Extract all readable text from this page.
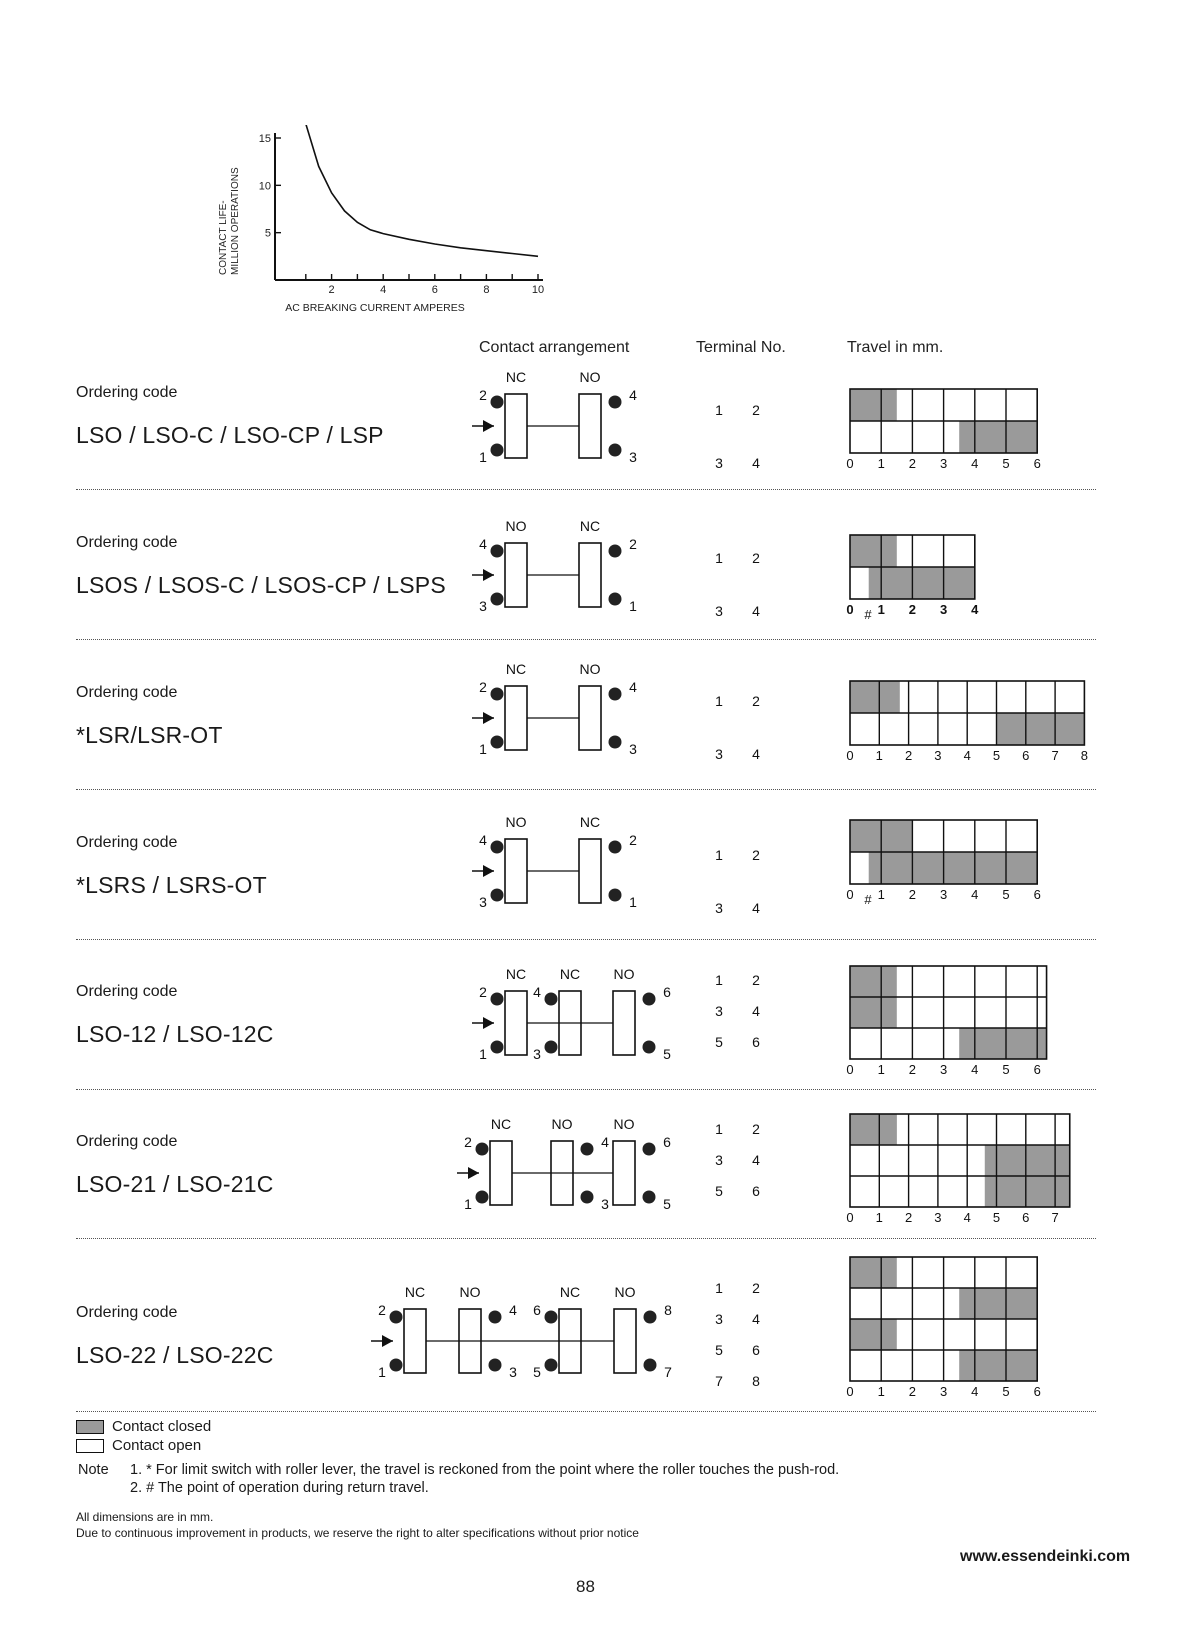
2	4	6	8	10
5
10
15
CONTACT LIFE- MILLION OPERATIONS
AC BREAKING CURRENT AMPERES
Contact arrangement	Terminal No.	Travel in mm.
Ordering code
LSO / LSO-C / LSO-CP / LSP
Ordering code
LSOS / LSOS-C / LSOS-CP / LSPS
Ordering code
*LSR/LSR-OT
Ordering code
*LSRS / LSRS-OT
Ordering code
LSO-12 / LSO-12C
Ordering code
LSO-21 / LSO-21C
Ordering code
LSO-22 / LSO-22C
NC
2
1
NO
4
3
1 2
3 4	0 1 2 3 4 5 6
NO
4
3
NC
2
1
1 2
3 4	0 1 2 3 4
#
NC
2
1
NO
4
3
1 2
3 4	0 1 2 3 4 5 6 7 8
NO
4
3
NC
2
1
1 2
3 4
0 1 2 3 4 5 6
#
NC
2
1
NC
4
3
NO
6
5
1 2
3 4
5 6
0 1 2 3 4 5 6
NC
2
1
NO
4
3
NO
6
5
1 2
3 4
5 6
0 1 2 3 4 5 6 7
NC
2
1
NO
4
3
NC
6
5
NO
8
7
1 2
3 4
5 6
7 8
0 1 2 3 4 5 6
Contact closed
Contact open
Note 1. * For limit switch with roller lever, the travel is reckoned from the point where the roller touches the push-rod.
2. # The point of operation during return travel.
All dimensions are in mm.
Due to continuous improvement in products, we reserve the right to alter specifications without prior notice
www.essendeinki.com
88
